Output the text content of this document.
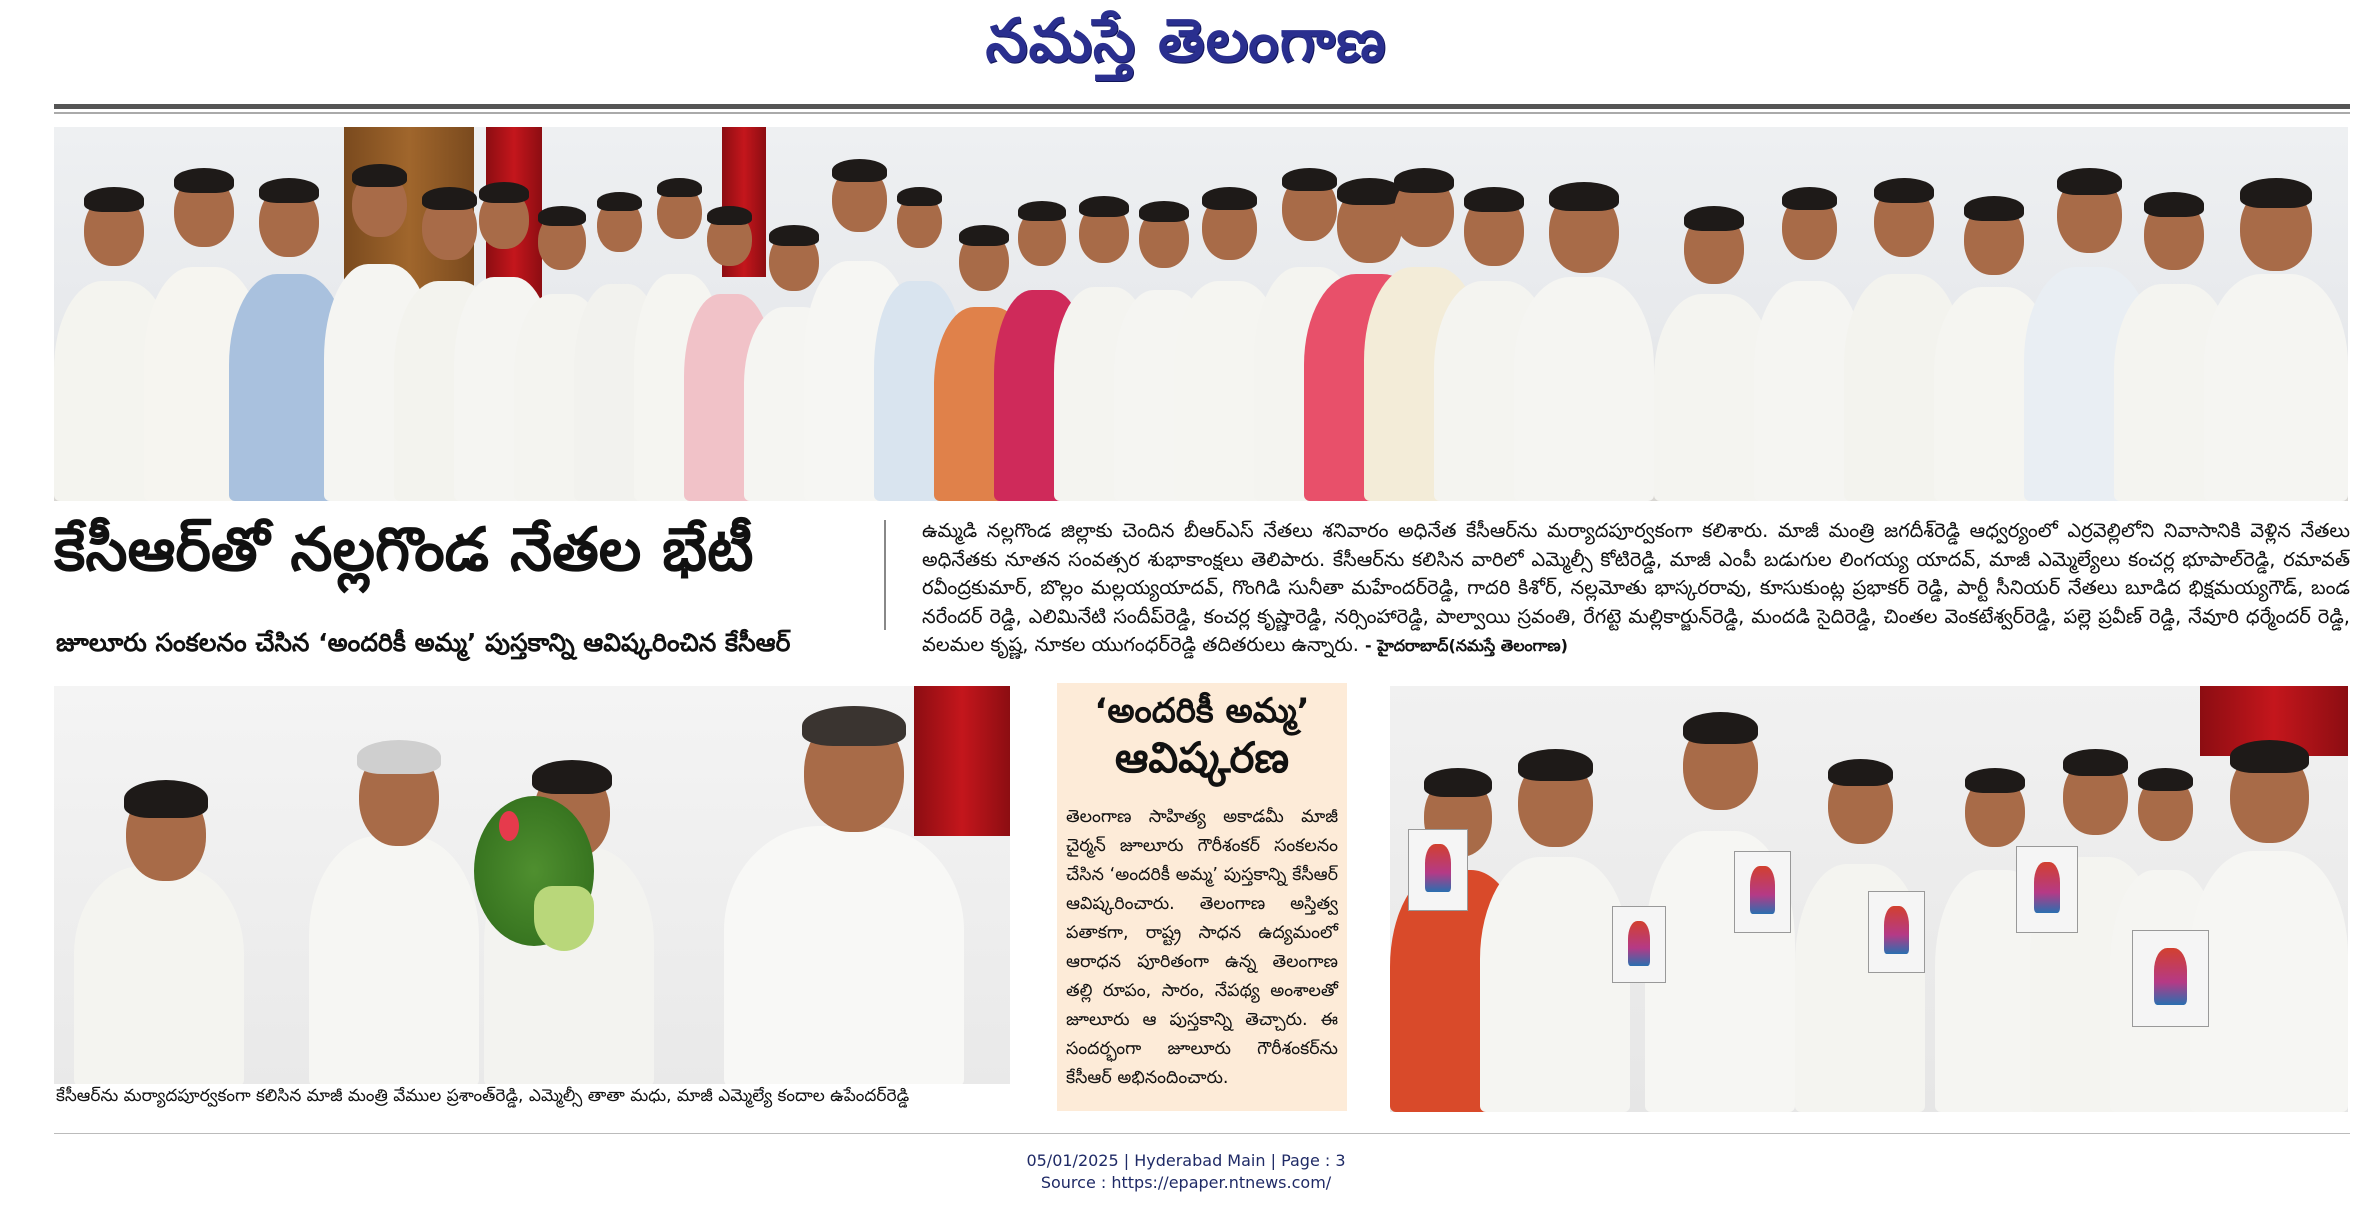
నమస్తే తెలంగాణ
కేసీఆర్‌తో నల్లగొండ నేతల భేటీ
జూలూరు సంకలనం చేసిన ‘అందరికీ అమ్మ’ పుస్తకాన్ని ఆవిష్కరించిన కేసీఆర్
ఉమ్మడి నల్లగొండ జిల్లాకు చెందిన బీఆర్‌ఎస్ నేతలు శనివారం అధినేత కేసీఆర్‌ను మర్యాదపూర్వకంగా కలిశారు. మాజీ మంత్రి జగదీశ్‌రెడ్డి ఆధ్వర్యంలో ఎర్రవెల్లిలోని నివాసానికి వెళ్లిన నేతలు అధినేతకు నూతన సంవత్సర శుభాకాంక్షలు తెలిపారు. కేసీఆర్‌ను కలిసిన వారిలో ఎమ్మెల్సీ కోటిరెడ్డి, మాజీ ఎంపీ బడుగుల లింగయ్య యాదవ్, మాజీ ఎమ్మెల్యేలు కంచర్ల భూపాల్‌రెడ్డి, రమావత్ రవీంద్రకుమార్, బొల్లం మల్లయ్యయాదవ్, గొంగిడి సునీతా మహేందర్‌రెడ్డి, గాదరి కిశోర్, నల్లమోతు భాస్కరరావు, కూసుకుంట్ల ప్రభాకర్ రెడ్డి, పార్టీ సీనియర్ నేతలు బూడిద భిక్షమయ్యగౌడ్, బండ నరేందర్ రెడ్డి, ఎలిమినేటి సందీప్‌రెడ్డి, కంచర్ల కృష్ణారెడ్డి, నర్సింహారెడ్డి, పాల్వాయి స్రవంతి, రేగట్టె మల్లికార్జున్‌రెడ్డి, మందడి సైదిరెడ్డి, చింతల వెంకటేశ్వర్‌రెడ్డి, పల్లె ప్రవీణ్ రెడ్డి, నేవూరి ధర్మేందర్ రెడ్డి, వలమల కృష్ణ, నూకల యుగంధర్‌రెడ్డి తదితరులు ఉన్నారు. - హైదరాబాద్(నమస్తే తెలంగాణ)
కేసీఆర్‌ను మర్యాదపూర్వకంగా కలిసిన మాజీ మంత్రి వేముల ప్రశాంత్‌రెడ్డి, ఎమ్మెల్సీ తాతా మధు, మాజీ ఎమ్మెల్యే కందాల ఉపేందర్‌రెడ్డి
‘అందరికీ అమ్మ’
ఆవిష్కరణ
తెలంగాణ సాహిత్య అకాడమీ మాజీ చైర్మన్ జూలూరు గౌరీశంకర్ సంకలనం చేసిన ‘అందరికీ అమ్మ’ పుస్తకాన్ని కేసీఆర్ ఆవిష్కరించారు. తెలంగాణ అస్తిత్వ పతాకగా, రాష్ట్ర సాధన ఉద్యమంలో ఆరాధన పూరితంగా ఉన్న తెలంగాణ తల్లి రూపం, సారం, నేపథ్య అంశాలతో జూలూరు ఆ పుస్తకాన్ని తెచ్చారు. ఈ సందర్భంగా జూలూరు గౌరీశంకర్‌ను కేసీఆర్ అభినందించారు.
05/01/2025 | Hyderabad Main | Page : 3
Source : https://epaper.ntnews.com/
